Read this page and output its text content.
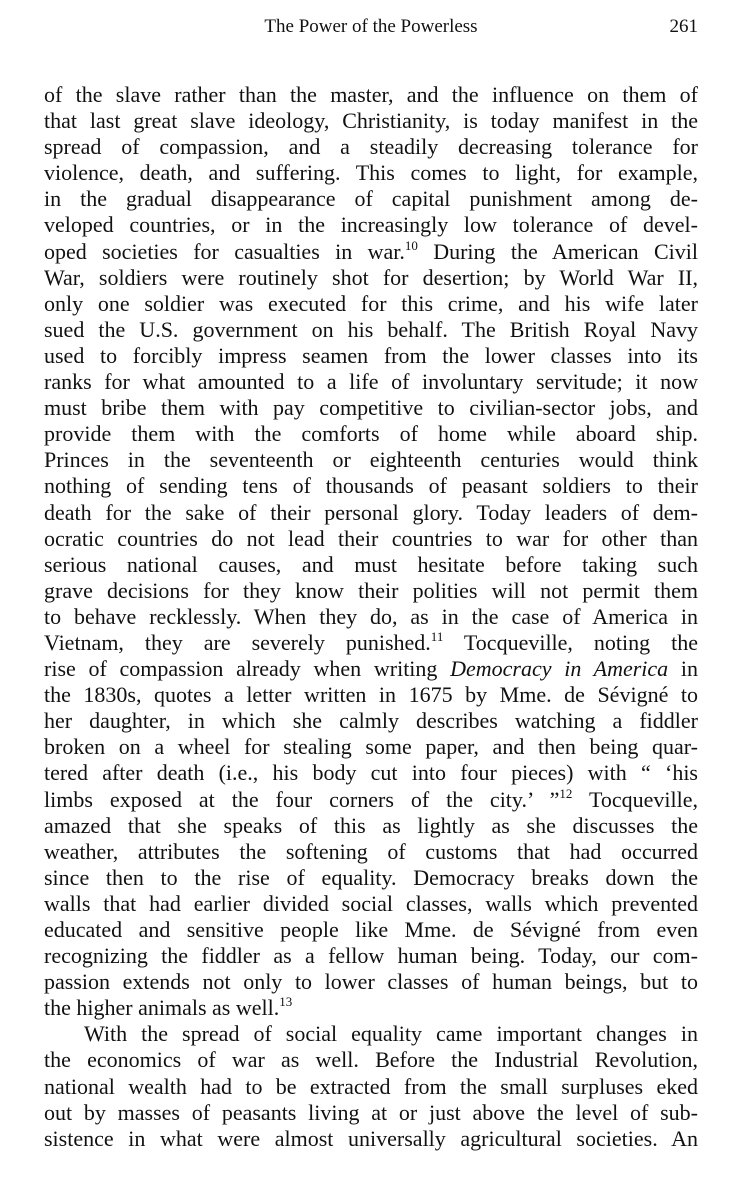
The Power of the Powerless	261
of the slave rather than the master, and the influence on them of
that last great slave ideology, Christianity, is today manifest in the
spread of compassion, and a steadily decreasing tolerance for
violence, death, and suffering. This comes to light, for example,
in the gradual disappearance of capital punishment among de-
veloped countries, or in the increasingly low tolerance of devel-
oped societies for casualties in war.$^{10}$ During the American Civil
War, soldiers were routinely shot for desertion; by World War II,
only one soldier was executed for this crime, and his wife later
sued the U.S. government on his behalf. The British Royal Navy
used to forcibly impress seamen from the lower classes into its
ranks for what amounted to a life of involuntary servitude; it now
must bribe them with pay competitive to civilian-sector jobs, and
provide them with the comforts of home while aboard ship.
Princes in the seventeenth or eighteenth centuries would think
nothing of sending tens of thousands of peasant soldiers to their
death for the sake of their personal glory. Today leaders of dem-
ocratic countries do not lead their countries to war for other than
serious national causes, and must hesitate before taking such
grave decisions for they know their polities will not permit them
to behave recklessly. When they do, as in the case of America in
Vietnam, they are severely punished.$^{11}$ Tocqueville, noting the
rise of compassion already when writing Democracy in America in
the 1830s, quotes a letter written in 1675 by Mme. de Sévigné to
her daughter, in which she calmly describes watching a fiddler
broken on a wheel for stealing some paper, and then being quar-
tered after death (i.e., his body cut into four pieces) with “ ‘his
limbs exposed at the four corners of the city.’ ”$^{12}$ Tocqueville,
amazed that she speaks of this as lightly as she discusses the
weather, attributes the softening of customs that had occurred
since then to the rise of equality. Democracy breaks down the
walls that had earlier divided social classes, walls which prevented
educated and sensitive people like Mme. de Sévigné from even
recognizing the fiddler as a fellow human being. Today, our com-
passion extends not only to lower classes of human beings, but to
the higher animals as well.$^{13}$
With the spread of social equality came important changes in
the economics of war as well. Before the Industrial Revolution,
national wealth had to be extracted from the small surpluses eked
out by masses of peasants living at or just above the level of sub-
sistence in what were almost universally agricultural societies. An
